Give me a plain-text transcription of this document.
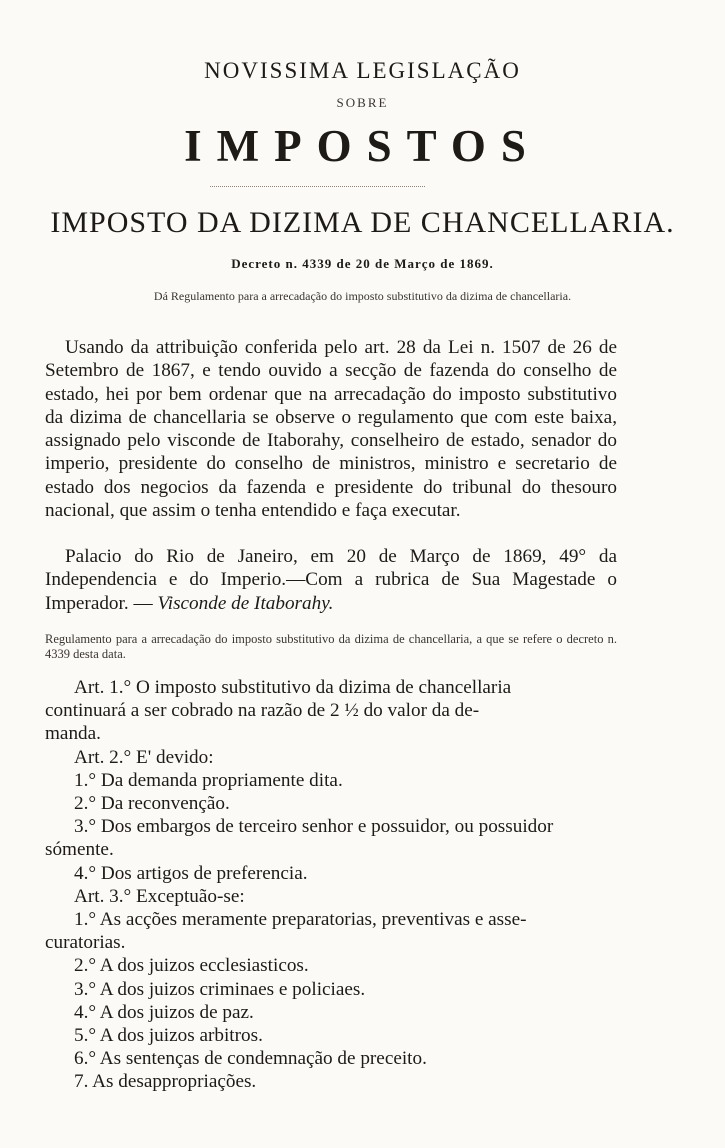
NOVISSIMA LEGISLAÇÃO
SOBRE
IMPOSTOS
IMPOSTO DA DIZIMA DE CHANCELLARIA.
Decreto n. 4339 de 20 de Março de 1869.
Dá Regulamento para a arrecadação do imposto substitutivo da dizima de chancellaria.
Usando da attribuição conferida pelo art. 28 da Lei n. 1507 de 26 de Setembro de 1867, e tendo ouvido a secção de fazenda do conselho de estado, hei por bem ordenar que na arrecadação do imposto substitutivo da dizima de chancellaria se observe o regulamento que com este baixa, assignado pelo visconde de Itaborahy, conselheiro de estado, senador do imperio, presidente do conselho de ministros, ministro e secretario de estado dos negocios da fazenda e presidente do tribunal do thesouro nacional, que assim o tenha entendido e faça executar.
Palacio do Rio de Janeiro, em 20 de Março de 1869, 49° da Independencia e do Imperio.—Com a rubrica de Sua Magestade o Imperador. — Visconde de Itaborahy.
Regulamento para a arrecadação do imposto substitutivo da dizima de chancellaria, a que se refere o decreto n. 4339 desta data.
Art. 1.° O imposto substitutivo da dizima de chancellaria
continuará a ser cobrado na razão de 2 ½ do valor da de-
manda.
Art. 2.° E' devido:
1.° Da demanda propriamente dita.
2.° Da reconvenção.
3.° Dos embargos de terceiro senhor e possuidor, ou possuidor
sómente.
4.° Dos artigos de preferencia.
Art. 3.° Exceptuão-se:
1.° As acções meramente preparatorias, preventivas e asse-
curatorias.
2.° A dos juizos ecclesiasticos.
3.° A dos juizos criminaes e policiaes.
4.° A dos juizos de paz.
5.° A dos juizos arbitros.
6.° As sentenças de condemnação de preceito.
7. As desappropriações.
